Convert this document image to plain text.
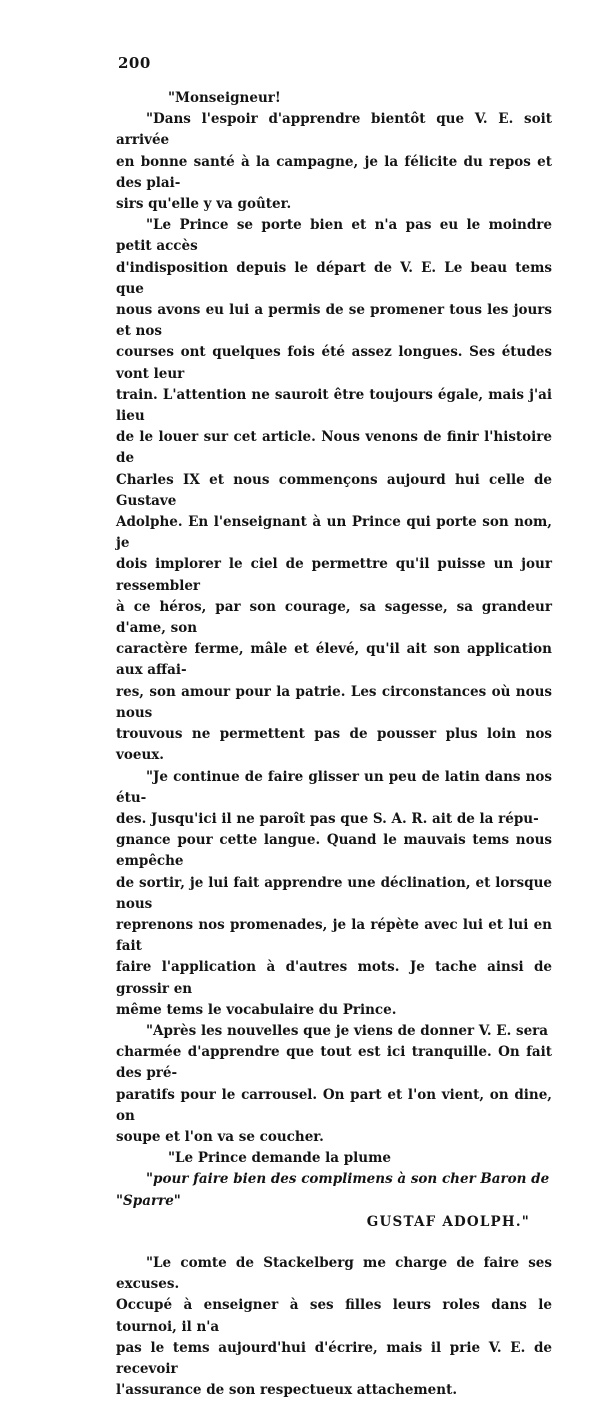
200

"Monseigneur!

"Dans l'espoir d'apprendre bientôt que V. E. soit arrivée
en bonne santé à la campagne, je la félicite du repos et des plai-
sirs qu'elle y va goûter.

"Le Prince se porte bien et n'a pas eu le moindre petit accès
d'indisposition depuis le départ de V. E. Le beau tems que
nous avons eu lui a permis de se promener tous les jours et nos
courses ont quelques fois été assez longues. Ses études vont leur
train. L'attention ne sauroit être toujours égale, mais j'ai lieu
de le louer sur cet article. Nous venons de finir l'histoire de
Charles IX et nous commençons aujourd hui celle de Gustave
Adolphe. En l'enseignant à un Prince qui porte son nom, je
dois implorer le ciel de permettre qu'il puisse un jour ressembler
à ce héros, par son courage, sa sagesse, sa grandeur d'ame, son
caractère ferme, mâle et élevé, qu'il ait son application aux affai-
res, son amour pour la patrie. Les circonstances où nous nous
trouvous ne permettent pas de pousser plus loin nos voeux.

"Je continue de faire glisser un peu de latin dans nos étu-
des. Jusqu'ici il ne paroît pas que S. A. R. ait de la répu-
gnance pour cette langue. Quand le mauvais tems nous empêche
de sortir, je lui fait apprendre une déclination, et lorsque nous
reprenons nos promenades, je la répète avec lui et lui en fait
faire l'application à d'autres mots. Je tache ainsi de grossir en
même tems le vocabulaire du Prince.

"Après les nouvelles que je viens de donner V. E. sera
charmée d'apprendre que tout est ici tranquille. On fait des pré-
paratifs pour le carrousel. On part et l'on vient, on dine, on
soupe et l'on va se coucher.

"Le Prince demande la plume

"pour faire bien des complimens à son cher Baron de
"Sparre"

GUSTAF ADOLPH."

"Le comte de Stackelberg me charge de faire ses excuses.
Occupé à enseigner à ses filles leurs roles dans le tournoi, il n'a
pas le tems aujourd'hui d'écrire, mais il prie V. E. de recevoir
l'assurance de son respectueux attachement.
